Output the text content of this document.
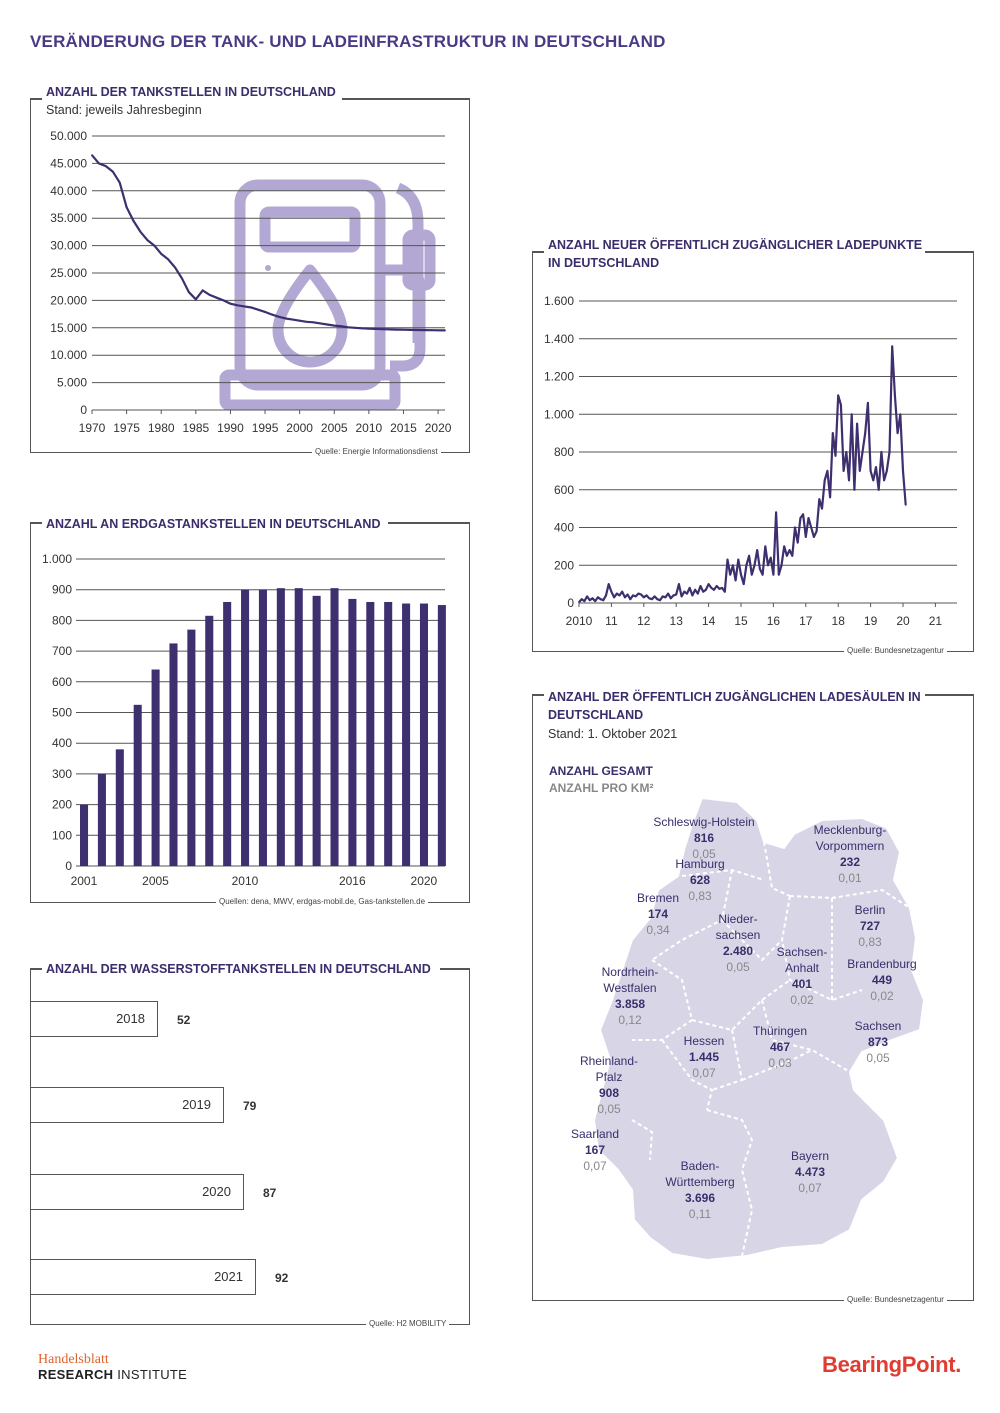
VERÄNDERUNG DER TANK- UND LADEINFRASTRUKTUR IN DEUTSCHLAND
ANZAHL DER TANKSTELLEN IN DEUTSCHLAND
Stand: jeweils Jahresbeginn
0
5.000
10.000
15.000
20.000
25.000
30.000
35.000
40.000
45.000
50.000
1970 1975 1980 1985 1990 1995 2000 2005 2010 2015 2020
Quelle: Energie Informationsdienst
ANZAHL NEUER ÖFFENTLICH ZUGÄNGLICHER LADEPUNKTE IN DEUTSCHLAND
0
200
400
600
800
1.000
1.200
1.400
1.600
2010 11 12 13 14 15 16 17 18 19 20 21
Quelle: Bundesnetzagentur
ANZAHL AN ERDGASTANKSTELLEN IN DEUTSCHLAND
0
100
200
300
400
500
600
700
800
900
1.000
2001	2005	2010	2016	2020
Quellen: dena, MWV, erdgas-mobil.de, Gas-tankstellen.de
ANZAHL DER WASSERSTOFFTANKSTELLEN IN DEUTSCHLAND
2018	52
2019	79
2020	87
2021	92
Quelle: H2 MOBILITY
ANZAHL DER ÖFFENTLICH ZUGÄNGLICHEN LADESÄULEN IN DEUTSCHLAND
Stand: 1. Oktober 2021
ANZAHL GESAMT
ANZAHL PRO KM²
Schleswig-Holstein
816
0,05
Mecklenburg-
Vorpommern
232
0,01
Hamburg
628
0,83
Bremen
174
0,34
Nieder-
sachsen
2.480
0,05
Berlin
727
0,83
Sachsen-
Anhalt
401
0,02
Brandenburg
449
0,02
Nordrhein-
Westfalen
3.858
0,12
Hessen
1.445
0,07
Thüringen
467
0,03
Sachsen
873
0,05
Rheinland-
Pfalz
908
0,05
Saarland
167
0,07	Baden-
Württemberg
3.696
0,11
Bayern
4.473
0,07
Quelle: Bundesnetzagentur
Handelsblatt
RESEARCH INSTITUTE	BearingPoint.
